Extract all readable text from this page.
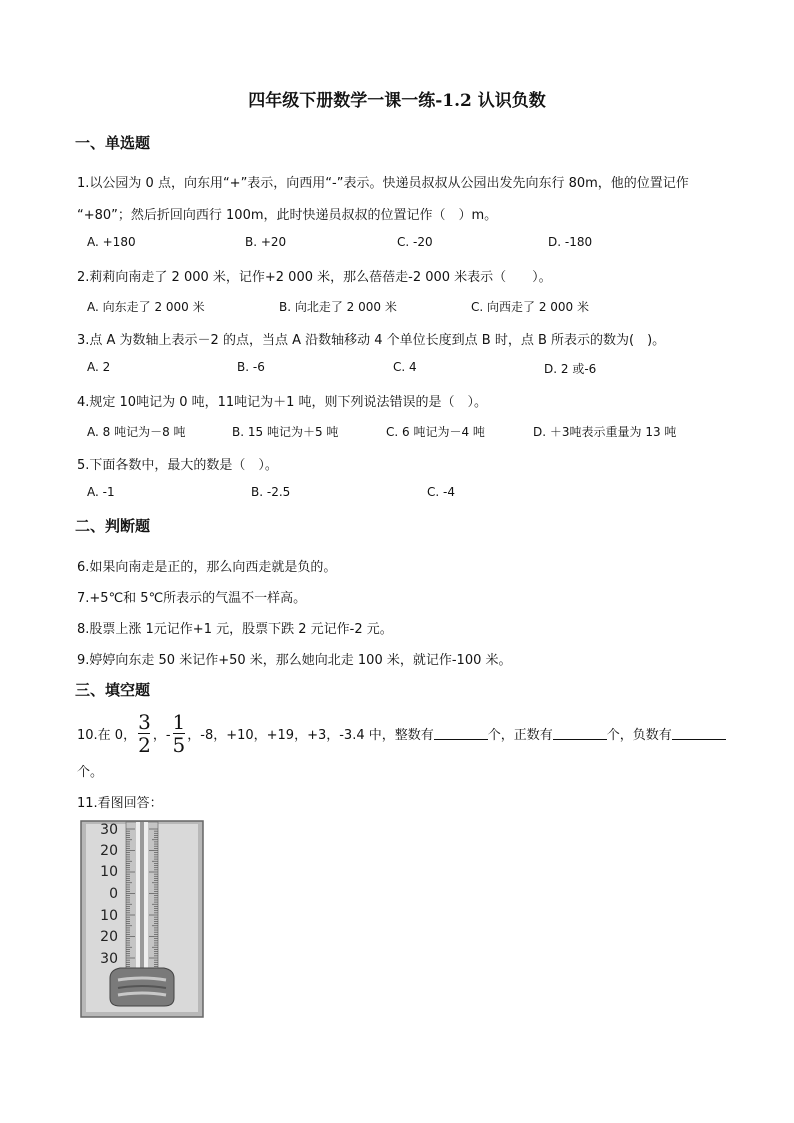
四年级下册数学一课一练-1.2 认识负数
一、单选题
1.以公园为 0 点，向东用“+”表示，向西用“-”表示。快递员叔叔从公园出发先向东行 80m，他的位置记作
“+80”；然后折回向西行 100m，此时快递员叔叔的位置记作（　）m。
A. +180	B. +20	C. -20	D. -180
2.莉莉向南走了 2 000 米，记作+2 000 米，那么蓓蓓走-2 000 米表示（　　）。
A. 向东走了 2 000 米	B. 向北走了 2 000 米	C. 向西走了 2 000 米
3.点 A 为数轴上表示－2 的点，当点 A 沿数轴移动 4 个单位长度到点 B 时，点 B 所表示的数为(　)。
A. 2	B. -6	C. 4	D. 2 或-6
4.规定 10吨记为 0 吨，11吨记为＋1 吨，则下列说法错误的是（　）。
A. 8 吨记为－8 吨	B. 15 吨记为＋5 吨	C. 6 吨记为－4 吨	D. ＋3吨表示重量为 13 吨
5.下面各数中，最大的数是（　）。
A. -1	B. -2.5	C. -4
二、判断题
6.如果向南走是正的，那么向西走就是负的。
7.+5℃和 5℃所表示的气温不一样高。
8.股票上涨 1元记作+1 元，股票下跌 2 元记作-2 元。
9.婷婷向东走 50 米记作+50 米，那么她向北走 100 米，就记作-100 米。
三、填空题
10.在 0， $\frac{3}{2}$ ，- $\frac{1}{5}$ ，-8，+10，+19，+3，-3.4 中，整数有	个，正数有	个，负数有
个。
11.看图回答：
30
20
10
0
10
20
30
